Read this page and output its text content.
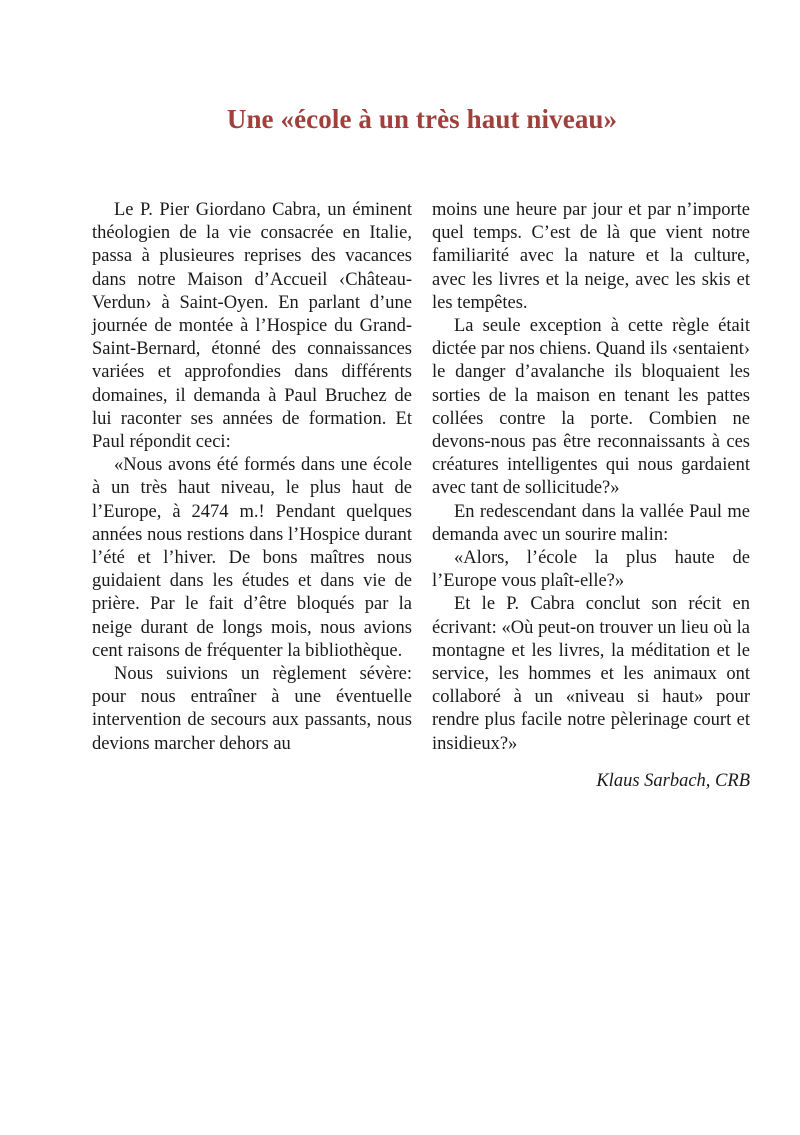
Une «école à un très haut niveau»

Le P. Pier Giordano Cabra, un éminent théologien de la vie consacrée en Italie, passa à plusieures reprises des vacances dans notre Maison d’Accueil ‹Château-Verdun› à Saint-Oyen. En parlant d’une journée de montée à l’Hospice du Grand-Saint-Bernard, étonné des connaissances variées et approfondies dans différents domaines, il demanda à Paul Bruchez de lui raconter ses années de formation. Et Paul répondit ceci:

«Nous avons été formés dans une école à un très haut niveau, le plus haut de l’Europe, à 2474 m.! Pendant quelques années nous restions dans l’Hospice durant l’été et l’hiver. De bons maîtres nous guidaient dans les études et dans vie de prière. Par le fait d’être bloqués par la neige durant de longs mois, nous avions cent raisons de fréquenter la bibliothèque.

Nous suivions un règlement sévère: pour nous entraîner à une éventuelle intervention de secours aux passants, nous devions marcher dehors au

moins une heure par jour et par n’importe quel temps. C’est de là que vient notre familiarité avec la nature et la culture, avec les livres et la neige, avec les skis et les tempêtes.

La seule exception à cette règle était dictée par nos chiens. Quand ils ‹sentaient› le danger d’avalanche ils bloquaient les sorties de la maison en tenant les pattes collées contre la porte. Combien ne devons-nous pas être reconnaissants à ces créatures intelligentes qui nous gardaient avec tant de sollicitude?»

En redescendant dans la vallée Paul me demanda avec un sourire malin:

«Alors, l’école la plus haute de l’Europe vous plaît-elle?»

Et le P. Cabra conclut son récit en écrivant: «Où peut-on trouver un lieu où la montagne et les livres, la méditation et le service, les hommes et les animaux ont collaboré à un «niveau si haut» pour rendre plus facile notre pèlerinage court et insidieux?»

Klaus Sarbach, CRB
